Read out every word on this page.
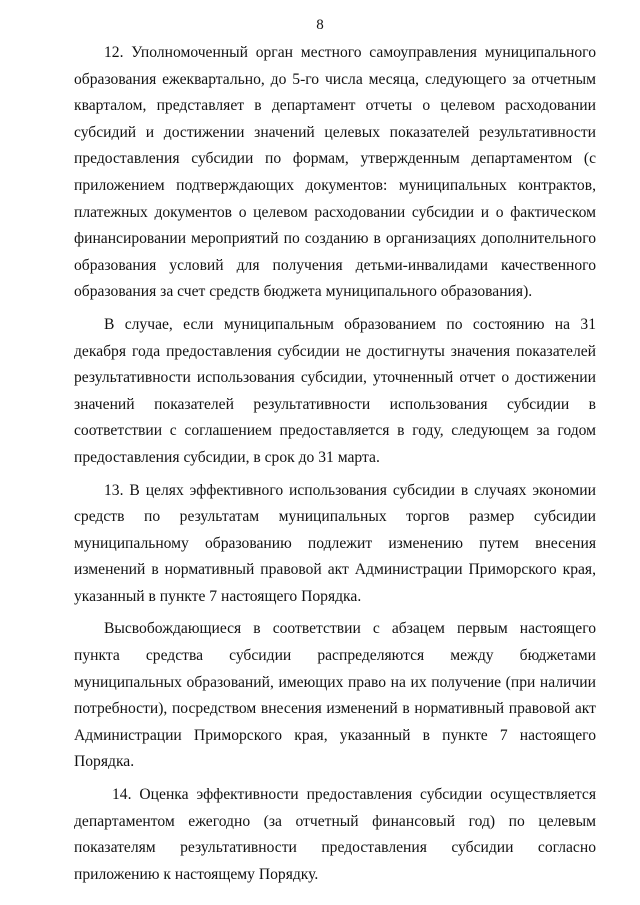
8

12. Уполномоченный орган местного самоуправления муниципального образования ежеквартально, до 5-го числа месяца, следующего за отчетным кварталом, представляет в департамент отчеты о целевом расходовании субсидий и достижении значений целевых показателей результативности предоставления субсидии по формам, утвержденным департаментом (с приложением подтверждающих документов: муниципальных контрактов, платежных документов о целевом расходовании субсидии и о фактическом финансировании мероприятий по созданию в организациях дополнительного образования условий для получения детьми-инвалидами качественного образования за счет средств бюджета муниципального образования).

В случае, если муниципальным образованием по состоянию на 31 декабря года предоставления субсидии не достигнуты значения показателей результативности использования субсидии, уточненный отчет о достижении значений показателей результативности использования субсидии в соответствии с соглашением предоставляется в году, следующем за годом предоставления субсидии, в срок до 31 марта.

13. В целях эффективного использования субсидии в случаях экономии средств по результатам муниципальных торгов размер субсидии муниципальному образованию подлежит изменению путем внесения изменений в нормативный правовой акт Администрации Приморского края, указанный в пункте 7 настоящего Порядка.

Высвобождающиеся в соответствии с абзацем первым настоящего пункта средства субсидии распределяются между бюджетами муниципальных образований, имеющих право на их получение (при наличии потребности), посредством внесения изменений в нормативный правовой акт Администрации Приморского края, указанный в пункте 7 настоящего Порядка.

14. Оценка эффективности предоставления субсидии осуществляется департаментом ежегодно (за отчетный финансовый год) по целевым показателям результативности предоставления субсидии согласно приложению к настоящему Порядку.
